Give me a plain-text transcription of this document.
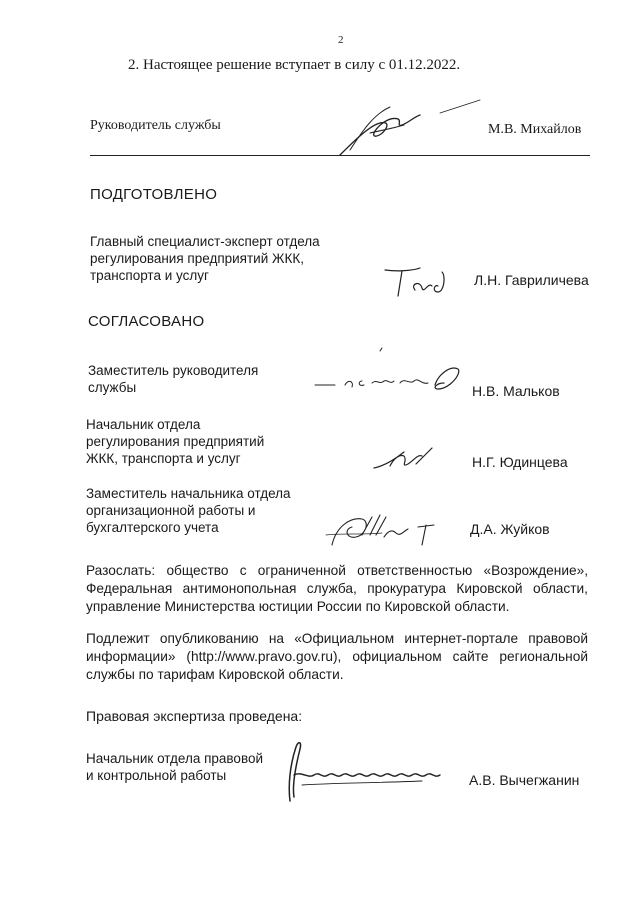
2
2. Настоящее решение вступает в силу с 01.12.2022.
Руководитель службы	М.В. Михайлов
ПОДГОТОВЛЕНО
Главный специалист-эксперт отдела
регулирования предприятий ЖКК,
транспорта и услуг	Л.Н. Гавриличева
СОГЛАСОВАНО
Заместитель руководителя
службы	Н.В. Мальков
Начальник отдела
регулирования предприятий
ЖКК, транспорта и услуг	Н.Г. Юдинцева
Заместитель начальника отдела
организационной работы и
бухгалтерского учета	Д.А. Жуйков
Разослать: общество с ограниченной ответственностью «Возрождение», Федеральная антимонопольная служба, прокуратура Кировской области, управление Министерства юстиции России по Кировской области.
Подлежит опубликованию на «Официальном интернет-портале правовой информации» (http://www.pravo.gov.ru), официальном сайте региональной службы по тарифам Кировской области.
Правовая экспертиза проведена:
Начальник отдела правовой
и контрольной работы	А.В. Вычегжанин
